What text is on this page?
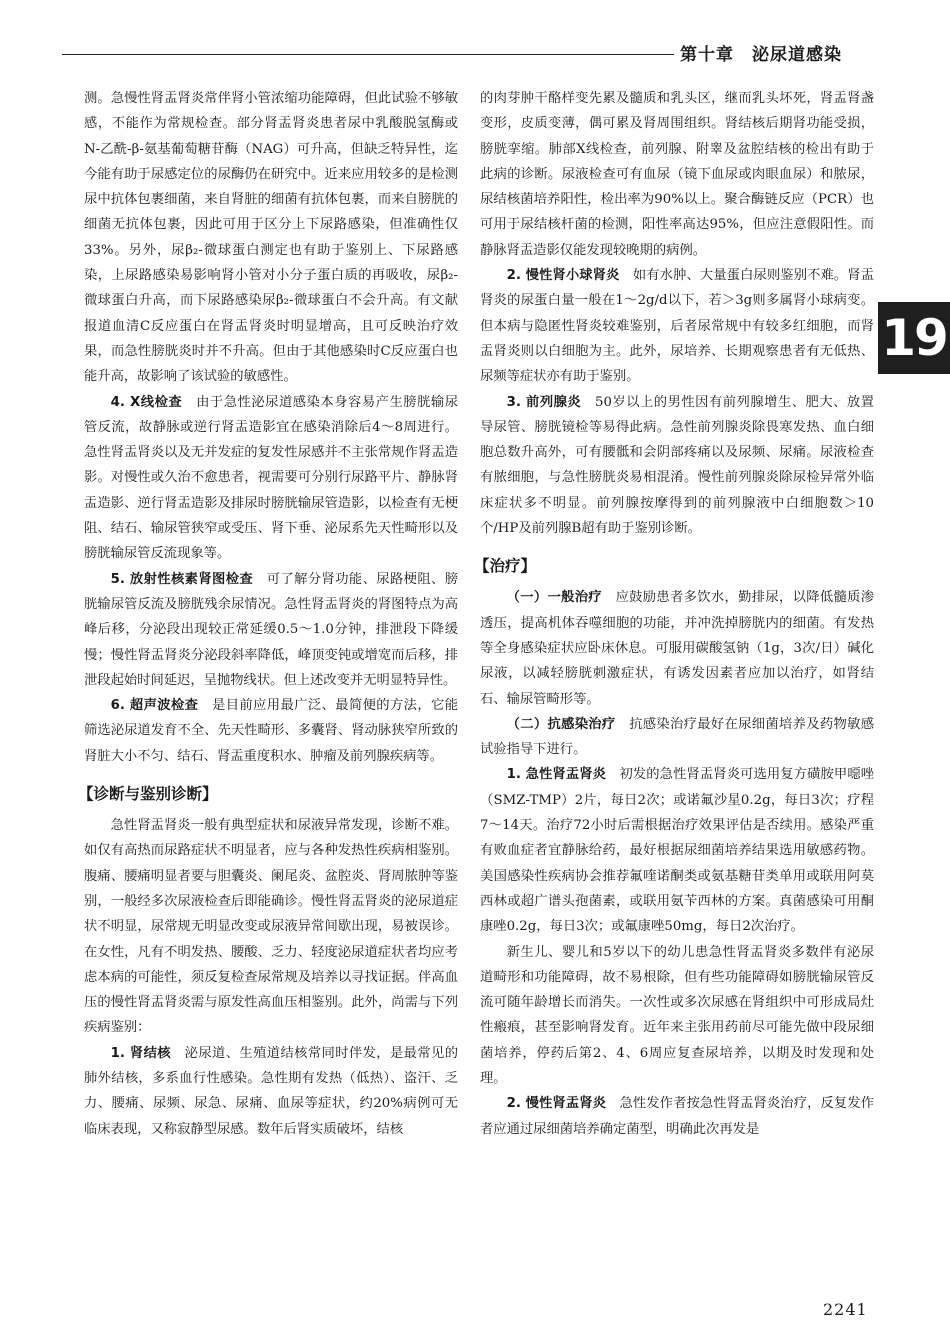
第十章　泌尿道感染
19

测。急慢性肾盂肾炎常伴肾小管浓缩功能障碍，但此试验不够敏感，不能作为常规检查。部分肾盂肾炎患者尿中乳酸脱氢酶或N-乙酰-β-氨基葡萄糖苷酶（NAG）可升高，但缺乏特异性，迄今能有助于尿感定位的尿酶仍在研究中。近来应用较多的是检测尿中抗体包裹细菌，来自肾脏的细菌有抗体包裹，而来自膀胱的细菌无抗体包裹，因此可用于区分上下尿路感染，但准确性仅33%。另外，尿β₂-微球蛋白测定也有助于鉴别上、下尿路感染，上尿路感染易影响肾小管对小分子蛋白质的再吸收，尿β₂-微球蛋白升高，而下尿路感染尿β₂-微球蛋白不会升高。有文献报道血清C反应蛋白在肾盂肾炎时明显增高，且可反映治疗效果，而急性膀胱炎时并不升高。但由于其他感染时C反应蛋白也能升高，故影响了该试验的敏感性。

4. X线检查　 由于急性泌尿道感染本身容易产生膀胱输尿管反流，故静脉或逆行肾盂造影宜在感染消除后4～8周进行。急性肾盂肾炎以及无并发症的复发性尿感并不主张常规作肾盂造影。对慢性或久治不愈患者，视需要可分别行尿路平片、静脉肾盂造影、逆行肾盂造影及排尿时膀胱输尿管造影，以检查有无梗阻、结石、输尿管狭窄或受压、肾下垂、泌尿系先天性畸形以及膀胱输尿管反流现象等。

5. 放射性核素肾图检查　 可了解分肾功能、尿路梗阻、膀胱输尿管反流及膀胱残余尿情况。急性肾盂肾炎的肾图特点为高峰后移，分泌段出现较正常延缓0.5～1.0分钟，排泄段下降缓慢；慢性肾盂肾炎分泌段斜率降低，峰顶变钝或增宽而后移，排泄段起始时间延迟，呈抛物线状。但上述改变并无明显特异性。

6. 超声波检查　 是目前应用最广泛、最简便的方法，它能筛选泌尿道发育不全、先天性畸形、多囊肾、肾动脉狭窄所致的肾脏大小不匀、结石、肾盂重度积水、肿瘤及前列腺疾病等。

【诊断与鉴别诊断】

急性肾盂肾炎一般有典型症状和尿液异常发现，诊断不难。如仅有高热而尿路症状不明显者，应与各种发热性疾病相鉴别。腹痛、腰痛明显者要与胆囊炎、阑尾炎、盆腔炎、肾周脓肿等鉴别，一般经多次尿液检查后即能确诊。慢性肾盂肾炎的泌尿道症状不明显，尿常规无明显改变或尿液异常间歇出现，易被误诊。在女性，凡有不明发热、腰酸、乏力、轻度泌尿道症状者均应考虑本病的可能性，须反复检查尿常规及培养以寻找证据。伴高血压的慢性肾盂肾炎需与原发性高血压相鉴别。此外，尚需与下列疾病鉴别：

1. 肾结核　 泌尿道、生殖道结核常同时伴发，是最常见的肺外结核，多系血行性感染。急性期有发热（低热）、盗汗、乏力、腰痛、尿频、尿急、尿痛、血尿等症状，约20%病例可无临床表现，又称寂静型尿感。数年后肾实质破坏，结核

的肉芽肿干酪样变先累及髓质和乳头区，继而乳头坏死，肾盂肾盏变形，皮质变薄，偶可累及肾周围组织。肾结核后期肾功能受损，膀胱挛缩。肺部X线检查，前列腺、附睾及盆腔结核的检出有助于此病的诊断。尿液检查可有血尿（镜下血尿或肉眼血尿）和脓尿，尿结核菌培养阳性，检出率为90%以上。聚合酶链反应（PCR）也可用于尿结核杆菌的检测，阳性率高达95%，但应注意假阳性。而静脉肾盂造影仅能发现较晚期的病例。

2. 慢性肾小球肾炎　 如有水肿、大量蛋白尿则鉴别不难。肾盂肾炎的尿蛋白量一般在1～2g/d以下，若＞3g则多属肾小球病变。但本病与隐匿性肾炎较难鉴别，后者尿常规中有较多红细胞，而肾盂肾炎则以白细胞为主。此外，尿培养、长期观察患者有无低热、尿频等症状亦有助于鉴别。

3. 前列腺炎　 50岁以上的男性因有前列腺增生、肥大、放置导尿管、膀胱镜检等易得此病。急性前列腺炎除畏寒发热、血白细胞总数升高外，可有腰骶和会阴部疼痛以及尿频、尿痛。尿液检查有脓细胞，与急性膀胱炎易相混淆。慢性前列腺炎除尿检异常外临床症状多不明显。前列腺按摩得到的前列腺液中白细胞数＞10个/HP及前列腺B超有助于鉴别诊断。

【治疗】

（一）一般治疗　 应鼓励患者多饮水，勤排尿，以降低髓质渗透压，提高机体吞噬细胞的功能，并冲洗掉膀胱内的细菌。有发热等全身感染症状应卧床休息。可服用碳酸氢钠（1g，3次/日）碱化尿液，以减轻膀胱刺激症状，有诱发因素者应加以治疗，如肾结石、输尿管畸形等。

（二）抗感染治疗　 抗感染治疗最好在尿细菌培养及药物敏感试验指导下进行。

1. 急性肾盂肾炎　 初发的急性肾盂肾炎可选用复方磺胺甲噁唑（SMZ-TMP）2片，每日2次；或诺氟沙星0.2g，每日3次；疗程7～14天。治疗72小时后需根据治疗效果评估是否续用。感染严重有败血症者宜静脉给药，最好根据尿细菌培养结果选用敏感药物。美国感染性疾病协会推荐氟喹诺酮类或氨基糖苷类单用或联用阿莫西林或超广谱头孢菌素，或联用氨苄西林的方案。真菌感染可用酮康唑0.2g，每日3次；或氟康唑50mg，每日2次治疗。

新生儿、婴儿和5岁以下的幼儿患急性肾盂肾炎多数伴有泌尿道畸形和功能障碍，故不易根除，但有些功能障碍如膀胱输尿管反流可随年龄增长而消失。一次性或多次尿感在肾组织中可形成局灶性瘢痕，甚至影响肾发育。近年来主张用药前尽可能先做中段尿细菌培养，停药后第2、4、6周应复查尿培养，以期及时发现和处理。

2. 慢性肾盂肾炎　 急性发作者按急性肾盂肾炎治疗，反复发作者应通过尿细菌培养确定菌型，明确此次再发是

2241
